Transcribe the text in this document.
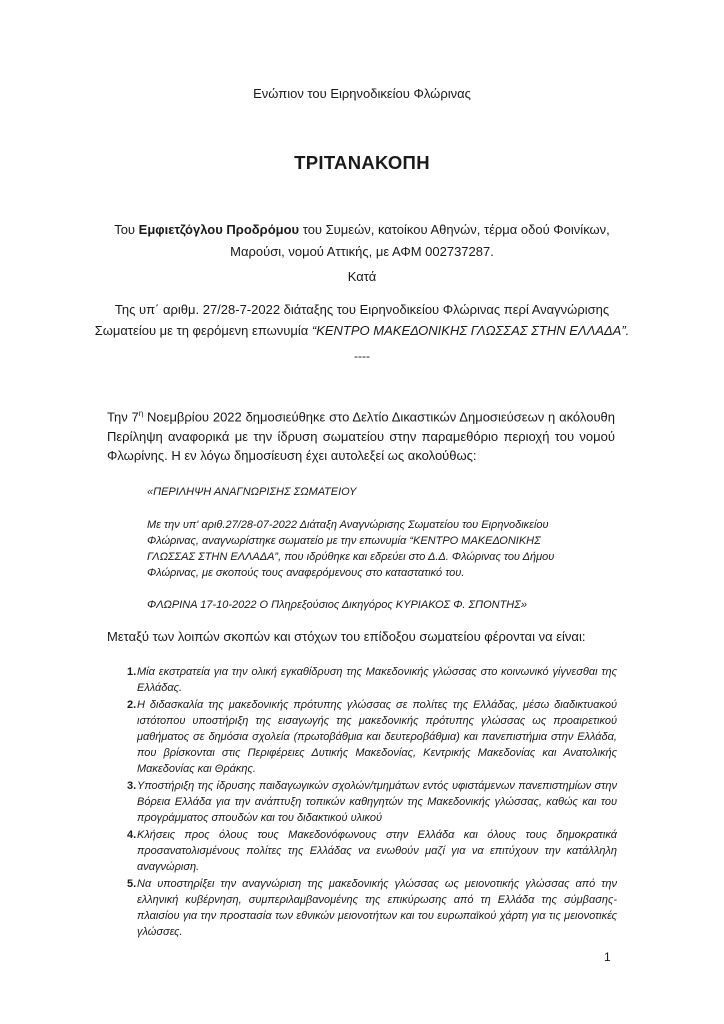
Ενώπιον του Ειρηνοδικείου Φλώρινας
ΤΡΙΤΑΝΑΚΟΠΗ
Του Εμφιετζόγλου Προδρόμου του Συμεών, κατοίκου Αθηνών, τέρμα οδού Φοινίκων,
Μαρούσι, νομού Αττικής, με ΑΦΜ 002737287.
Κατά
Της υπ΄ αριθμ. 27/28-7-2022 διάταξης του Ειρηνοδικείου Φλώρινας περί Αναγνώρισης
Σωματείου με τη φερόμενη επωνυμία “ΚΕΝΤΡΟ ΜΑΚΕΔΟΝΙΚΗΣ ΓΛΩΣΣΑΣ ΣΤΗΝ ΕΛΛΑΔΑ”.
----
Την $7^\eta$ Νοεμβρίου 2022 δημοσιεύθηκε στο Δελτίο Δικαστικών Δημοσιεύσεων η ακόλουθη Περίληψη αναφορικά με την ίδρυση σωματείου στην παραμεθόριο περιοχή του νομού Φλωρίνης. Η εν λόγω δημοσίευση έχει αυτολεξεί ως ακολούθως:
«ΠΕΡΙΛΗΨΗ ΑΝΑΓΝΩΡΙΣΗΣ ΣΩΜΑΤΕΙΟΥ
Με την υπ' αριθ.27/28-07-2022 Διάταξη Αναγνώρισης Σωματείου του Ειρηνοδικείου Φλώρινας, αναγνωρίστηκε σωματείο με την επωνυμία “ΚΕΝΤΡΟ ΜΑΚΕΔΟΝΙΚΗΣ ΓΛΩΣΣΑΣ ΣΤΗΝ ΕΛΛΑΔΑ”, που ιδρύθηκε και εδρεύει στο Δ.Δ. Φλώρινας του Δήμου Φλώρινας, με σκοπούς τους αναφερόμενους στο καταστατικό του.
ΦΛΩΡΙΝΑ 17-10-2022 Ο Πληρεξούσιος Δικηγόρος ΚΥΡΙΑΚΟΣ Φ. ΣΠΟΝΤΗΣ»
Μεταξύ των λοιπών σκοπών και στόχων του επίδοξου σωματείου φέρονται να είναι:
1. Μία εκστρατεία για την ολική εγκαθίδρυση της Μακεδονικής γλώσσας στο κοινωνικό γίγνεσθαι της Ελλάδας.
2. Η διδασκαλία της μακεδονικής πρότυπης γλώσσας σε πολίτες της Ελλάδας, μέσω διαδικτυακού ιστότοπου υποστήριξη της εισαγωγής της μακεδονικής πρότυπης γλώσσας ως προαιρετικού μαθήματος σε δημόσια σχολεία (πρωτοβάθμια και δευτεροβάθμια) και πανεπιστήμια στην Ελλάδα, που βρίσκονται στις Περιφέρειες Δυτικής Μακεδονίας, Κεντρικής Μακεδονίας και Ανατολικής Μακεδονίας και Θράκης.
3. Υποστήριξη της ίδρυσης παιδαγωγικών σχολών/τμημάτων εντός υφιστάμενων πανεπιστημίων στην Βόρεια Ελλάδα για την ανάπτυξη τοπικών καθηγητών της Μακεδονικής γλώσσας, καθώς και του προγράμματος σπουδών και του διδακτικού υλικού
4. Κλήσεις προς όλους τους Μακεδονόφωνους στην Ελλάδα και όλους τους δημοκρατικά προσανατολισμένους πολίτες της Ελλάδας να ενωθούν μαζί για να επιτύχουν την κατάλληλη αναγνώριση.
5. Να υποστηρίξει την αναγνώριση της μακεδονικής γλώσσας ως μειονοτικής γλώσσας από την ελληνική κυβέρνηση, συμπεριλαμβανομένης της επικύρωσης από τη Ελλάδα της σύμβασης-πλαισίου για την προστασία των εθνικών μειονοτήτων και του ευρωπαϊκού χάρτη για τις μειονοτικές γλώσσες.
1
